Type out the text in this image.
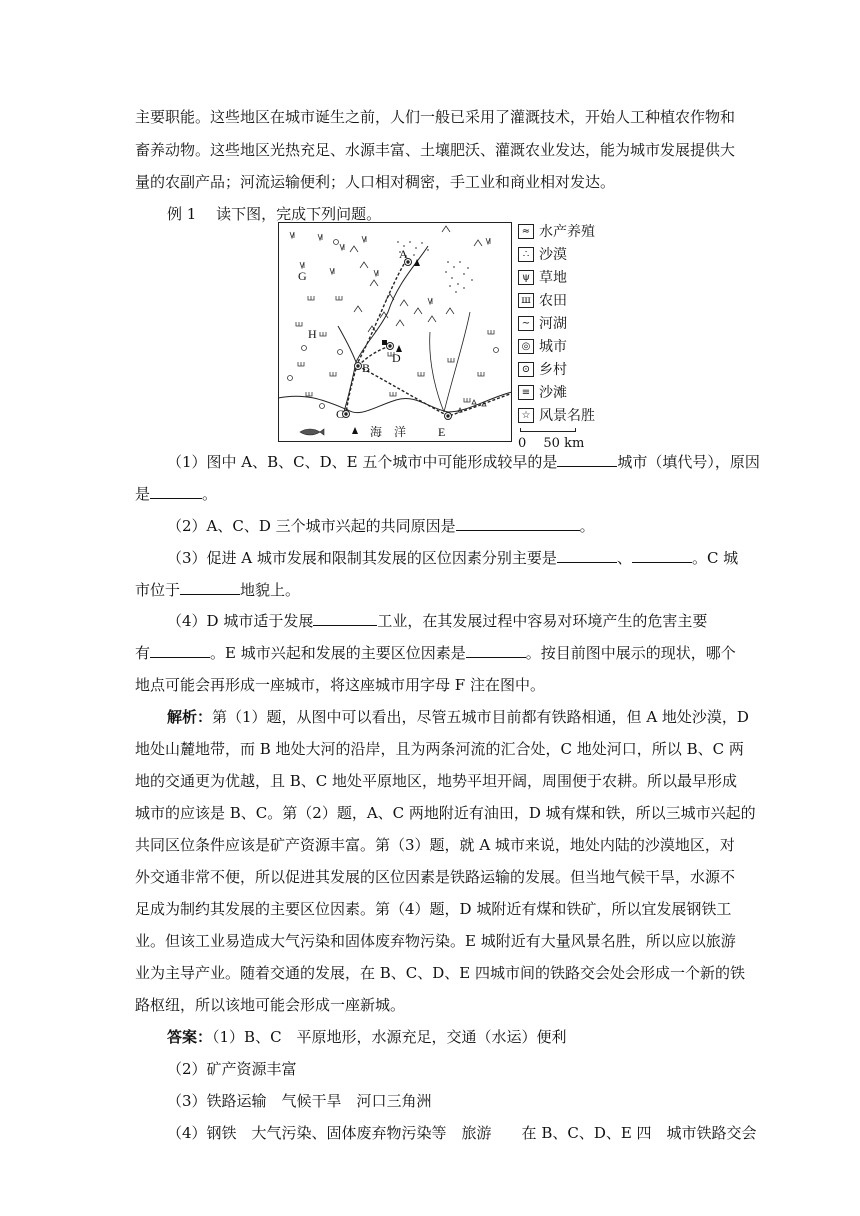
主要职能。这些地区在城市诞生之前，人们一般已采用了灌溉技术，开始人工种植农作物和
畜养动物。这些地区光热充足、水源丰富、土壤肥沃、灌溉农业发达，能为城市发展提供大
量的农副产品；河流运输便利；人口相对稠密，手工业和商业相对发达。
例 1　 读下图，完成下列问题。
A
B
C
D
E
G
H
海　洋
≈ 水产养殖
∴ 沙漠
ψ 草地
ш 农田
∼ 河湖
◎ 城市
⊙ 乡村
≡ 沙滩
☆ 风景名胜
0 　50 km
（1）图中 A、B、C、D、E 五个城市中可能形成较早的是	城市（填代号），原因
是	。
（2）A、C、D 三个城市兴起的共同原因是	。
（3）促进 A 城市发展和限制其发展的区位因素分别主要是	、	。C 城
市位于	地貌上。
（4）D 城市适于发展	工业，在其发展过程中容易对环境产生的危害主要
有	。E 城市兴起和发展的主要区位因素是	。按目前图中展示的现状，哪个
地点可能会再形成一座城市，将这座城市用字母 F 注在图中。
解析：第（1）题，从图中可以看出，尽管五城市目前都有铁路相通，但 A 地处沙漠，D
地处山麓地带，而 B 地处大河的沿岸，且为两条河流的汇合处，C 地处河口，所以 B、C 两
地的交通更为优越，且 B、C 地处平原地区，地势平坦开阔，周围便于农耕。所以最早形成
城市的应该是 B、C。第（2）题，A、C 两地附近有油田，D 城有煤和铁，所以三城市兴起的
共同区位条件应该是矿产资源丰富。第（3）题，就 A 城市来说，地处内陆的沙漠地区，对
外交通非常不便，所以促进其发展的区位因素是铁路运输的发展。但当地气候干旱，水源不
足成为制约其发展的主要区位因素。第（4）题，D 城附近有煤和铁矿，所以宜发展钢铁工
业。但该工业易造成大气污染和固体废弃物污染。E 城附近有大量风景名胜，所以应以旅游
业为主导产业。随着交通的发展，在 B、C、D、E 四城市间的铁路交会处会形成一个新的铁
路枢纽，所以该地可能会形成一座新城。
答案：（1）B、C　平原地形，水源充足，交通（水运）便利
（2）矿产资源丰富
（3）铁路运输　气候干旱　河口三角洲
（4）钢铁　大气污染、固体废弃物污染等　旅游　　在 B、C、D、E 四　城市铁路交会
